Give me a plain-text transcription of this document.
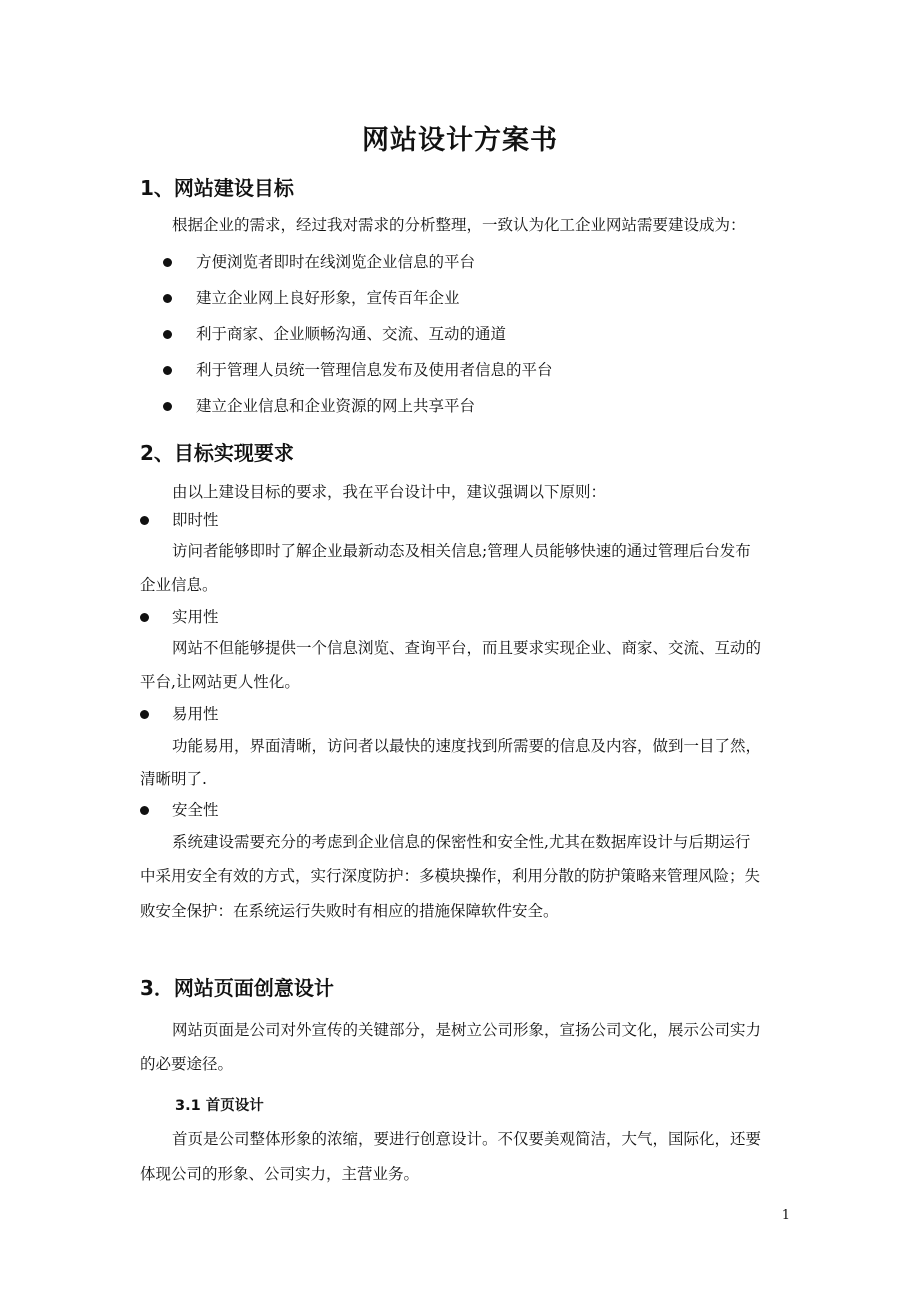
网站设计方案书
1、网站建设目标
根据企业的需求，经过我对需求的分析整理，一致认为化工企业网站需要建设成为：
方便浏览者即时在线浏览企业信息的平台
建立企业网上良好形象，宣传百年企业
利于商家、企业顺畅沟通、交流、互动的通道
利于管理人员统一管理信息发布及使用者信息的平台
建立企业信息和企业资源的网上共享平台
2、目标实现要求
由以上建设目标的要求，我在平台设计中，建议强调以下原则：
即时性
访问者能够即时了解企业最新动态及相关信息;管理人员能够快速的通过管理后台发布
企业信息。
实用性
网站不但能够提供一个信息浏览、查询平台，而且要求实现企业、商家、交流、互动的
平台,让网站更人性化。
易用性
功能易用，界面清晰，访问者以最快的速度找到所需要的信息及内容，做到一目了然，
清晰明了.
安全性
系统建设需要充分的考虑到企业信息的保密性和安全性,尤其在数据库设计与后期运行
中采用安全有效的方式，实行深度防护：多模块操作，利用分散的防护策略来管理风险；失
败安全保护：在系统运行失败时有相应的措施保障软件安全。
3．网站页面创意设计
网站页面是公司对外宣传的关键部分，是树立公司形象，宣扬公司文化，展示公司实力
的必要途径。
3.1 首页设计
首页是公司整体形象的浓缩，要进行创意设计。不仅要美观简洁，大气，国际化，还要
体现公司的形象、公司实力，主营业务。
1
